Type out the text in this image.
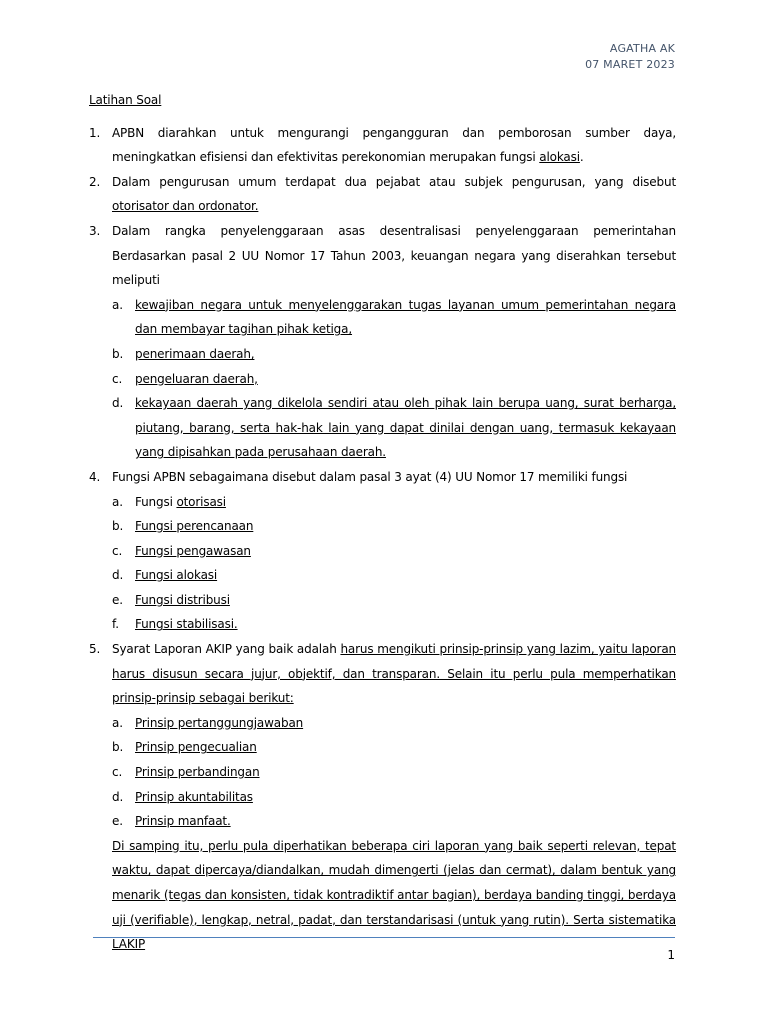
AGATHA AK
07 MARET 2023
Latihan Soal
1. APBN diarahkan untuk mengurangi pengangguran dan pemborosan sumber daya, meningkatkan efisiensi dan efektivitas perekonomian merupakan fungsi alokasi.
2. Dalam pengurusan umum terdapat dua pejabat atau subjek pengurusan, yang disebut otorisator dan ordonator.
3. Dalam rangka penyelenggaraan asas desentralisasi penyelenggaraan pemerintahan Berdasarkan pasal 2 UU Nomor 17 Tahun 2003, keuangan negara yang diserahkan tersebut meliputi
a. kewajiban negara untuk menyelenggarakan tugas layanan umum pemerintahan negara dan membayar tagihan pihak ketiga,
b. penerimaan daerah,
c. pengeluaran daerah,
d. kekayaan daerah yang dikelola sendiri atau oleh pihak lain berupa uang, surat berharga, piutang, barang, serta hak-hak lain yang dapat dinilai dengan uang, termasuk kekayaan yang dipisahkan pada perusahaan daerah.
4. Fungsi APBN sebagaimana disebut dalam pasal 3 ayat (4) UU Nomor 17 memiliki fungsi
a. Fungsi otorisasi
b. Fungsi perencanaan
c. Fungsi pengawasan
d. Fungsi alokasi
e. Fungsi distribusi
f. Fungsi stabilisasi.
5. Syarat Laporan AKIP yang baik adalah harus mengikuti prinsip-prinsip yang lazim, yaitu laporan harus disusun secara jujur, objektif, dan transparan. Selain itu perlu pula memperhatikan prinsip-prinsip sebagai berikut:
a. Prinsip pertanggungjawaban
b. Prinsip pengecualian
c. Prinsip perbandingan
d. Prinsip akuntabilitas
e. Prinsip manfaat.
Di samping itu, perlu pula diperhatikan beberapa ciri laporan yang baik seperti relevan, tepat waktu, dapat dipercaya/diandalkan, mudah dimengerti (jelas dan cermat), dalam bentuk yang menarik (tegas dan konsisten, tidak kontradiktif antar bagian), berdaya banding tinggi, berdaya uji (verifiable), lengkap, netral, padat, dan terstandarisasi (untuk yang rutin). Serta sistematika LAKIP
1
